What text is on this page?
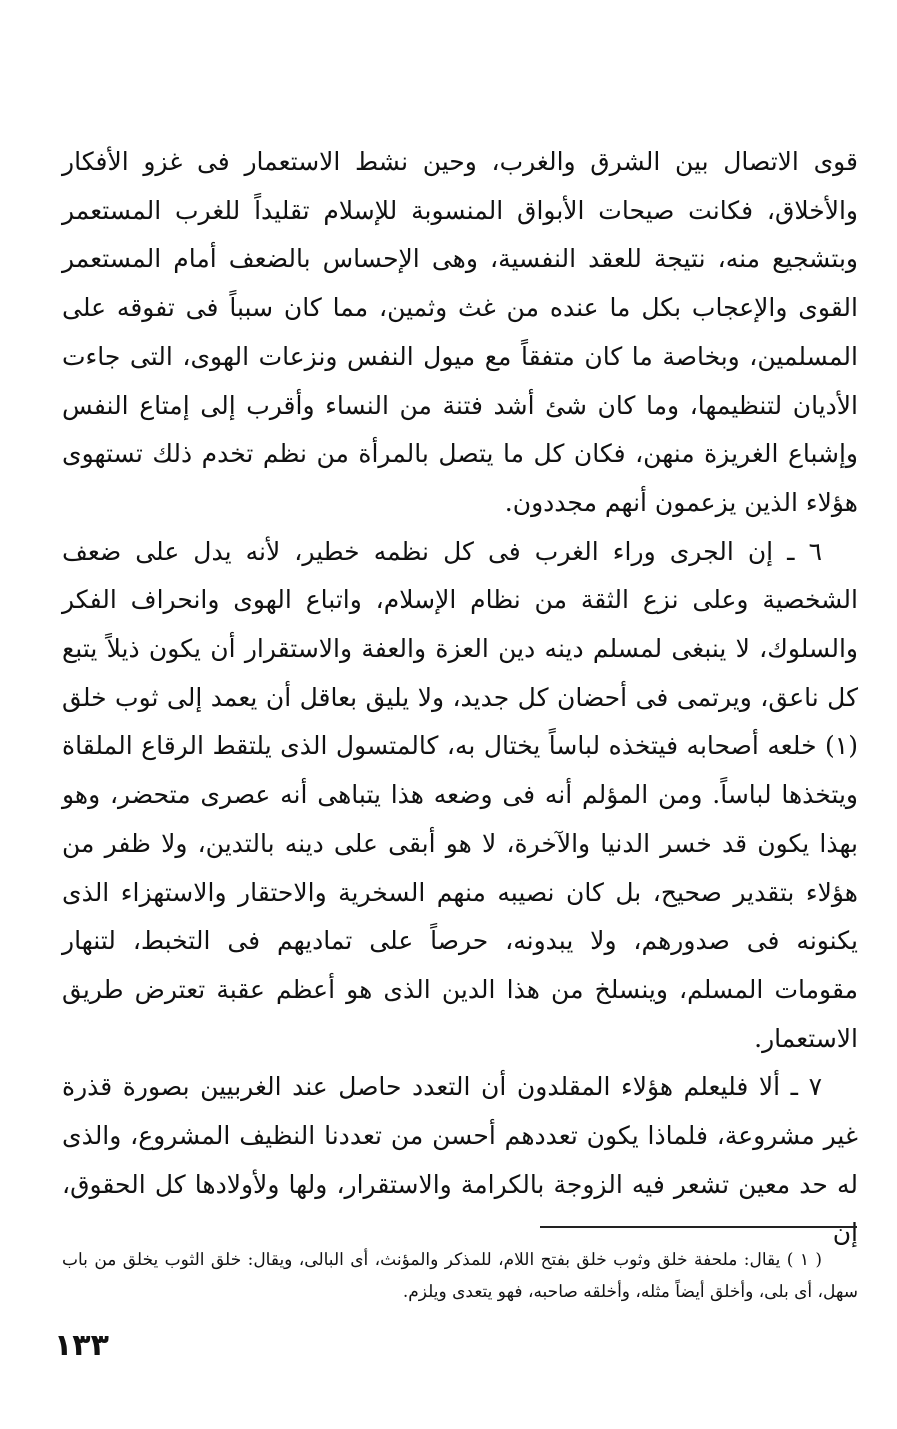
قوى الاتصال بين الشرق والغرب، وحين نشط الاستعمار فى غزو الأفكار والأخلاق، فكانت صيحات الأبواق المنسوبة للإسلام تقليداً للغرب المستعمر وبتشجيع منه، نتيجة للعقد النفسية، وهى الإحساس بالضعف أمام المستعمر القوى والإعجاب بكل ما عنده من غث وثمين، مما كان سبباً فى تفوقه على المسلمين، وبخاصة ما كان متفقاً مع ميول النفس ونزعات الهوى، التى جاءت الأديان لتنظيمها، وما كان شئ أشد فتنة من النساء وأقرب إلى إمتاع النفس وإشباع الغريزة منهن، فكان كل ما يتصل بالمرأة من نظم تخدم ذلك تستهوى هؤلاء الذين يزعمون أنهم مجددون.

٦ ـ إن الجرى وراء الغرب فى كل نظمه خطير، لأنه يدل على ضعف الشخصية وعلى نزع الثقة من نظام الإسلام، واتباع الهوى وانحراف الفكر والسلوك، لا ينبغى لمسلم دينه دين العزة والعفة والاستقرار أن يكون ذيلاً يتبع كل ناعق، ويرتمى فى أحضان كل جديد، ولا يليق بعاقل أن يعمد إلى ثوب خلق (١) خلعه أصحابه فيتخذه لباساً يختال به، كالمتسول الذى يلتقط الرقاع الملقاة ويتخذها لباساً. ومن المؤلم أنه فى وضعه هذا يتباهى أنه عصرى متحضر، وهو بهذا يكون قد خسر الدنيا والآخرة، لا هو أبقى على دينه بالتدين، ولا ظفر من هؤلاء بتقدير صحيح، بل كان نصيبه منهم السخرية والاحتقار والاستهزاء الذى يكنونه فى صدورهم، ولا يبدونه، حرصاً على تماديهم فى التخبط، لتنهار مقومات المسلم، وينسلخ من هذا الدين الذى هو أعظم عقبة تعترض طريق الاستعمار.

٧ ـ ألا فليعلم هؤلاء المقلدون أن التعدد حاصل عند الغربيين بصورة قذرة غير مشروعة، فلماذا يكون تعددهم أحسن من تعددنا النظيف المشروع، والذى له حد معين تشعر فيه الزوجة بالكرامة والاستقرار، ولها ولأولادها كل الحقوق، إن

( ١ ) يقال: ملحفة خلق وثوب خلق بفتح اللام، للمذكر والمؤنث، أى البالى، ويقال: خلق الثوب يخلق من باب سهل، أى بلى، وأخلق أيضاً مثله، وأخلقه صاحبه، فهو يتعدى ويلزم.

١٣٣
